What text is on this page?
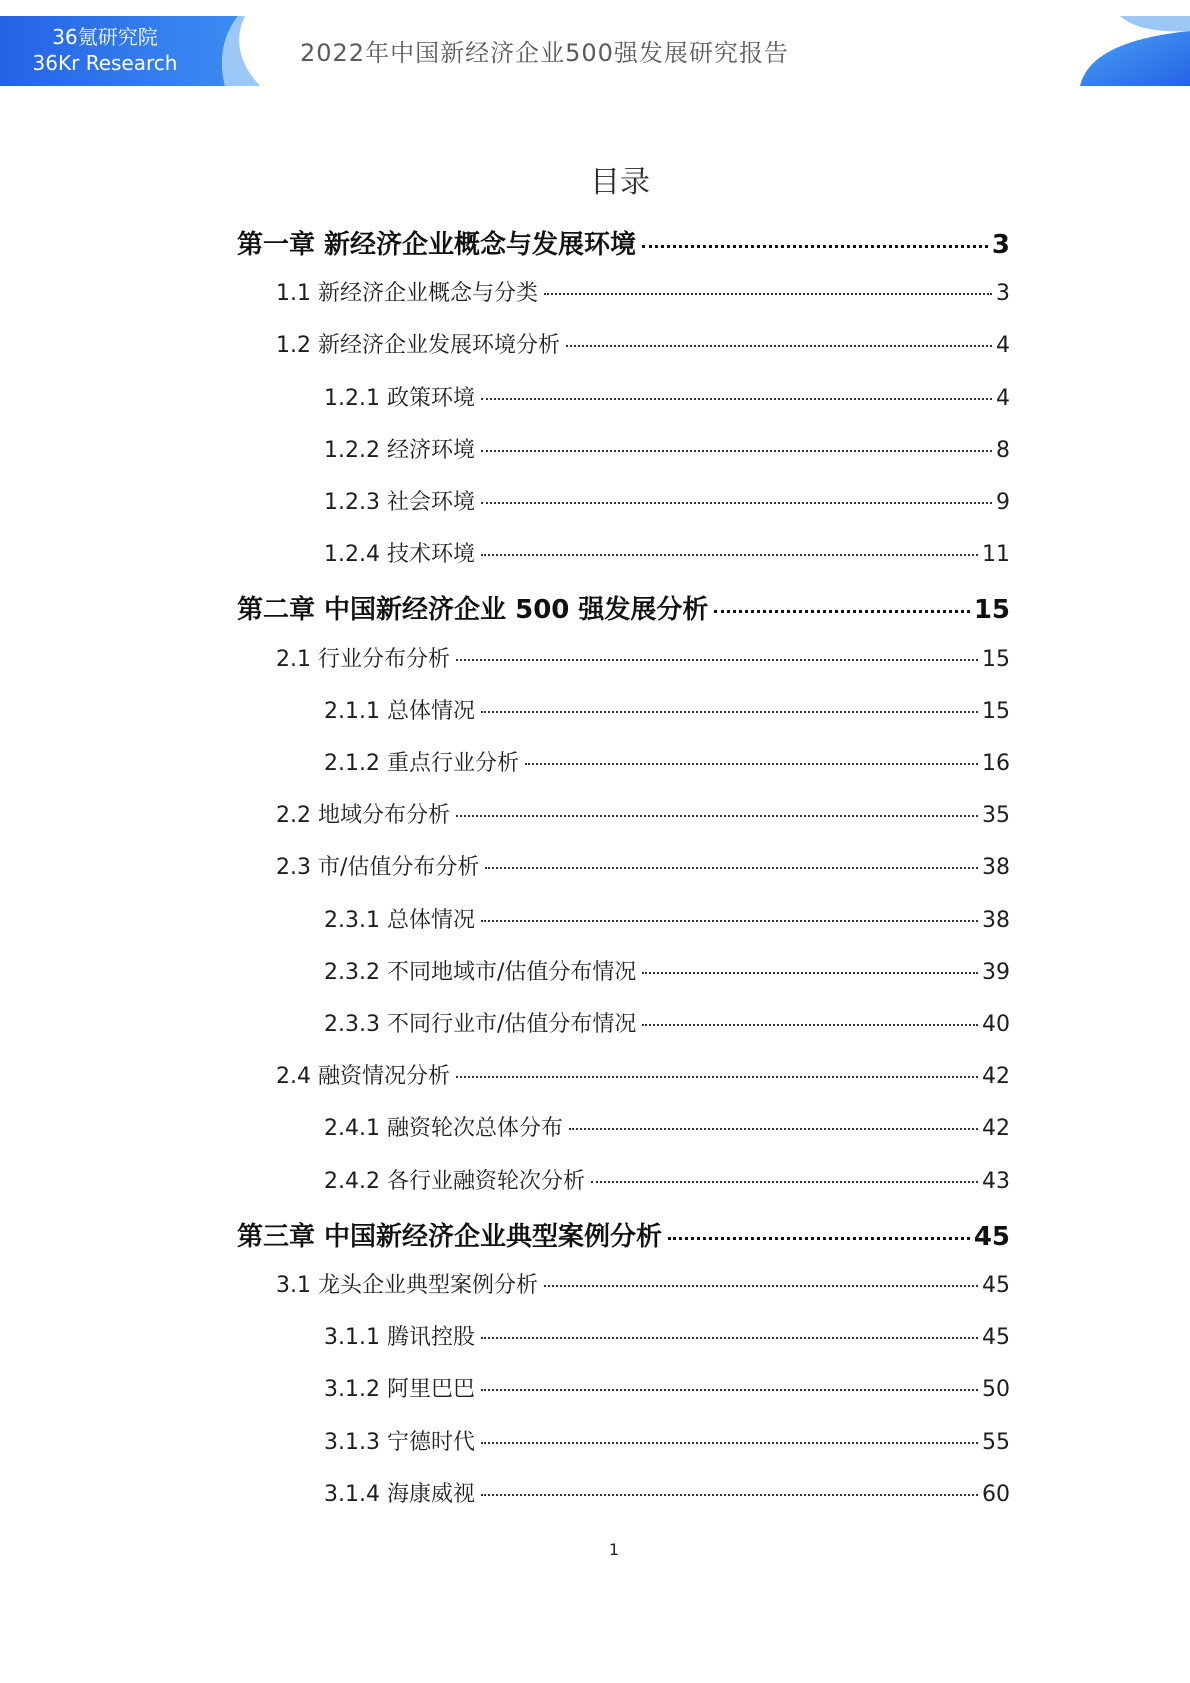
36氪研究院
36Kr Research	2022年中国新经济企业500强发展研究报告
目录
第一章 新经济企业概念与发展环境	3
1.1 新经济企业概念与分类	3
1.2 新经济企业发展环境分析	4
1.2.1 政策环境	4
1.2.2 经济环境	8
1.2.3 社会环境	9
1.2.4 技术环境	11
第二章 中国新经济企业 500 强发展分析	15
2.1 行业分布分析	15
2.1.1 总体情况	15
2.1.2 重点行业分析	16
2.2 地域分布分析	35
2.3 市/估值分布分析	38
2.3.1 总体情况	38
2.3.2 不同地域市/估值分布情况	39
2.3.3 不同行业市/估值分布情况	40
2.4 融资情况分析	42
2.4.1 融资轮次总体分布	42
2.4.2 各行业融资轮次分析	43
第三章 中国新经济企业典型案例分析	45
3.1 龙头企业典型案例分析	45
3.1.1 腾讯控股	45
3.1.2 阿里巴巴	50
3.1.3 宁德时代	55
3.1.4 海康威视	60
1
